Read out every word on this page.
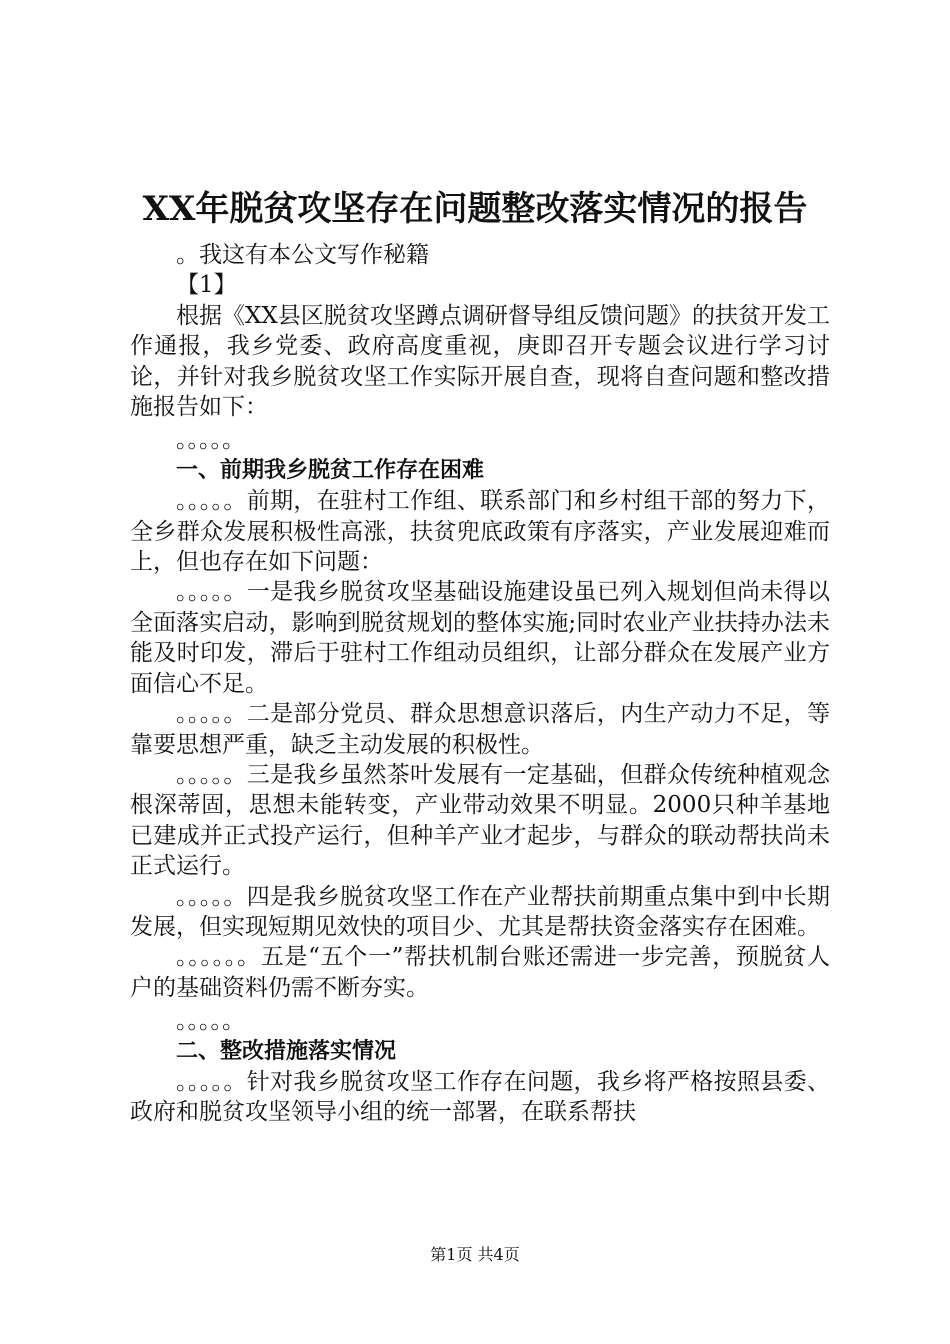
XX年脱贫攻坚存在问题整改落实情况的报告

。我这有本公文写作秘籍

【1】

根据《XX县区脱贫攻坚蹲点调研督导组反馈问题》的扶贫开发工作通报，我乡党委、政府高度重视，庚即召开专题会议进行学习讨论，并针对我乡脱贫攻坚工作实际开展自查，现将自查问题和整改措施报告如下：

。。。。。

一、前期我乡脱贫工作存在困难

。。。。。前期，在驻村工作组、联系部门和乡村组干部的努力下，全乡群众发展积极性高涨，扶贫兜底政策有序落实，产业发展迎难而上，但也存在如下问题：

。。。。。一是我乡脱贫攻坚基础设施建设虽已列入规划但尚未得以全面落实启动，影响到脱贫规划的整体实施;同时农业产业扶持办法未能及时印发，滞后于驻村工作组动员组织，让部分群众在发展产业方面信心不足。

。。。。。二是部分党员、群众思想意识落后，内生产动力不足，等靠要思想严重，缺乏主动发展的积极性。

。。。。。三是我乡虽然茶叶发展有一定基础，但群众传统种植观念根深蒂固，思想未能转变，产业带动效果不明显。2000只种羊基地已建成并正式投产运行，但种羊产业才起步，与群众的联动帮扶尚未正式运行。

。。。。。四是我乡脱贫攻坚工作在产业帮扶前期重点集中到中长期发展，但实现短期见效快的项目少、尤其是帮扶资金落实存在困难。

。。。。。。五是“五个一”帮扶机制台账还需进一步完善，预脱贫人户的基础资料仍需不断夯实。

。。。。。

二、整改措施落实情况

。。。。。针对我乡脱贫攻坚工作存在问题，我乡将严格按照县委、政府和脱贫攻坚领导小组的统一部署，在联系帮扶

第1页 共4页
